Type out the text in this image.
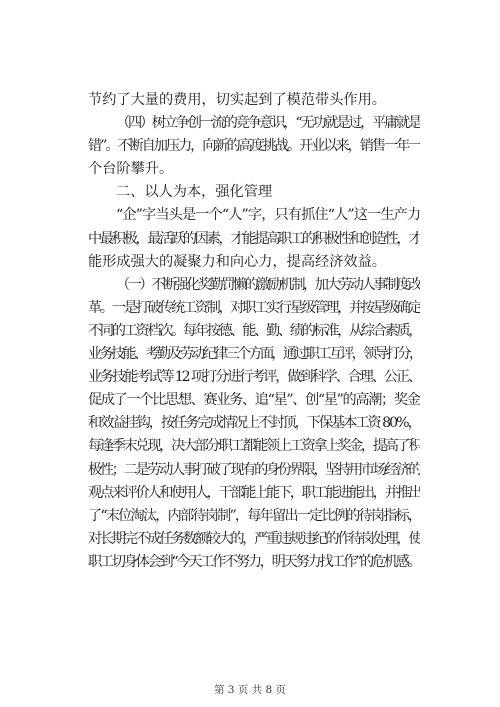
节约了大量的费用，切实起到了模范带头作用。
（四）树立争创一流的竞争意识，“无功就是过，平庸就是
错”。不断自加压力，向新的高度挑战。开业以来，销售一年一
个台阶攀升。
二、以人为本，强化管理
“企”字当头是一个“人”字，只有抓住“人”这一生产力
中最积极，最活跃的因素，才能提高职工的积极性和创造性，才
能形成强大的凝聚力和向心力，提高经济效益。
（一）不断强化奖勤罚懒的激励机制，加大劳动人事制度改
革。一是打破传统工资制，对职工实行星级管理，并按星级确定
不同的工资档次。每年按德、能、勤、绩的标准，从综合素质，
业务技能、考勤及劳动纪律三个方面，通过职工互评，领导打分，
业务技能考试等 12 项打分进行考评，做到科学、合理、公正、
促成了一个比思想、赛业务、追“星”、创“星”的高潮；奖金
和效益挂钩，按任务完成情况上不封顶，下保基本工资 80%，
每逢季末兑现，决大部分职工都能领上工资拿上奖金，提高了积
极性；二是劳动人事打破了现有的身份界限，坚持用市场经济的
观点来评价人和使用人，干部能上能下，职工能进能出，并推出
了“末位淘汰，内部待岗制”，每年留出一定比例的待岗指标，
对长期完不成任务数额较大的，严重违规违纪的作待岗处理，使
职工切身体会到“今天工作不努力，明天努力找工作”的危机感。
第 3 页 共 8 页
